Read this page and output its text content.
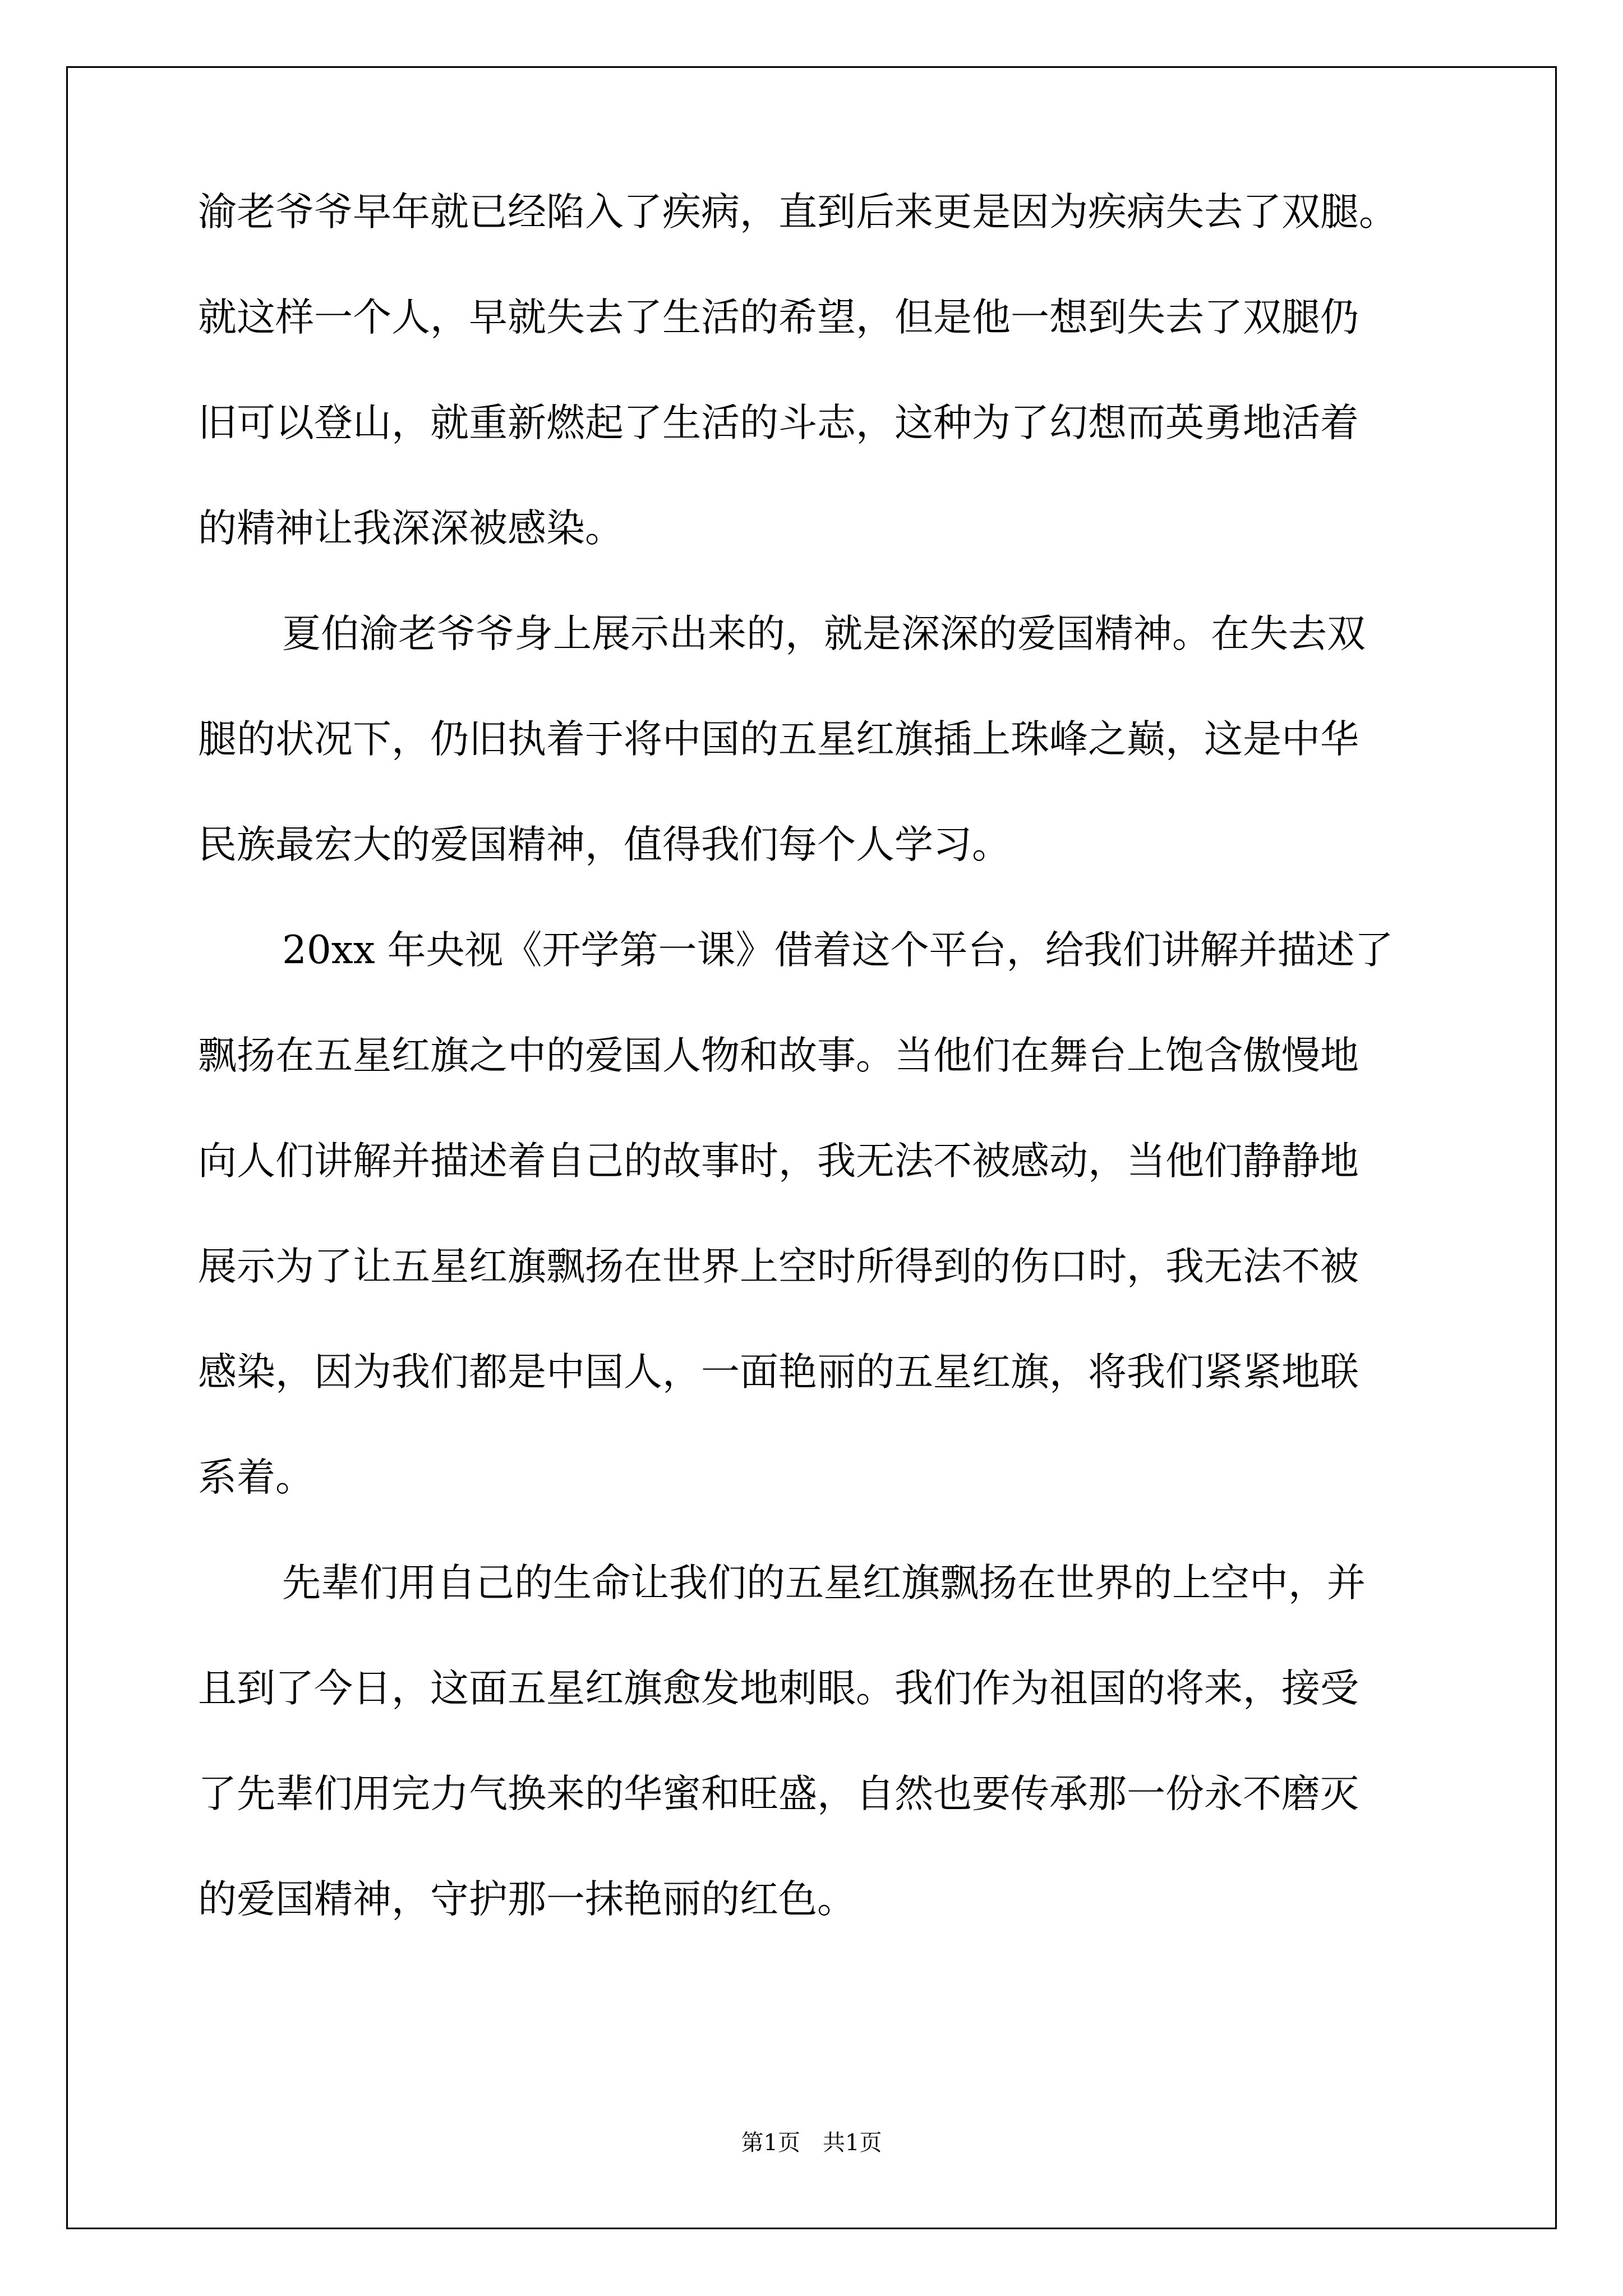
渝老爷爷早年就已经陷入了疾病，直到后来更是因为疾病失去了双腿。
就这样一个人，早就失去了生活的希望，但是他一想到失去了双腿仍
旧可以登山，就重新燃起了生活的斗志，这种为了幻想而英勇地活着
的精神让我深深被感染。
夏伯渝老爷爷身上展示出来的，就是深深的爱国精神。在失去双
腿的状况下，仍旧执着于将中国的五星红旗插上珠峰之巅，这是中华
民族最宏大的爱国精神，值得我们每个人学习。
20xx 年央视《开学第一课》借着这个平台，给我们讲解并描述了
飘扬在五星红旗之中的爱国人物和故事。当他们在舞台上饱含傲慢地
向人们讲解并描述着自己的故事时，我无法不被感动，当他们静静地
展示为了让五星红旗飘扬在世界上空时所得到的伤口时，我无法不被
感染，因为我们都是中国人，一面艳丽的五星红旗，将我们紧紧地联
系着。
先辈们用自己的生命让我们的五星红旗飘扬在世界的上空中，并
且到了今日，这面五星红旗愈发地刺眼。我们作为祖国的将来，接受
了先辈们用完力气换来的华蜜和旺盛，自然也要传承那一份永不磨灭
的爱国精神，守护那一抹艳丽的红色。
第1页　共1页
